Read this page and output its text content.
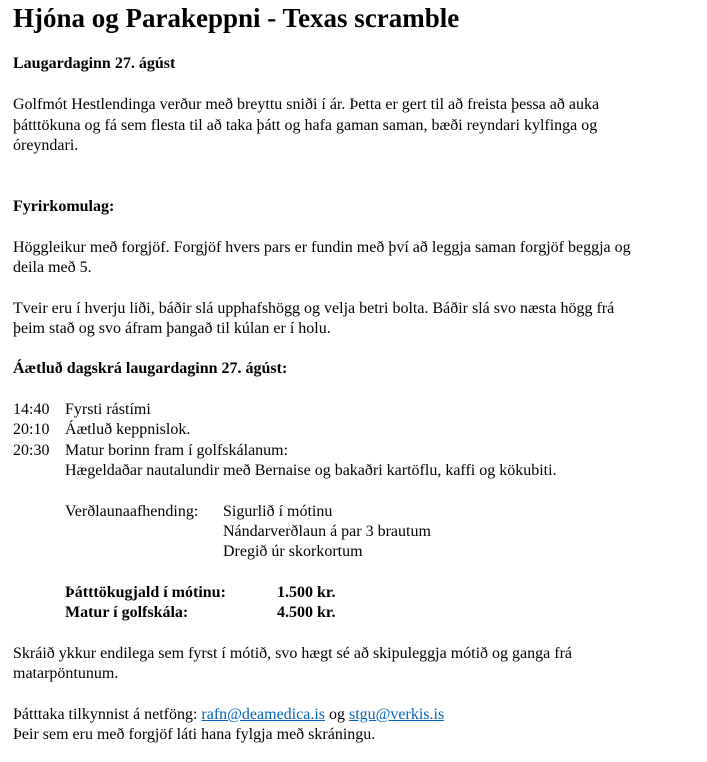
Hjóna og Parakeppni - Texas scramble
Laugardaginn 27. ágúst
Golfmót Hestlendinga verður með breyttu sniði í ár. Þetta er gert til að freista þessa að auka
þátttökuna og fá sem flesta til að taka þátt og hafa gaman saman, bæði reyndari kylfinga og
óreyndari.
Fyrirkomulag:
Höggleikur með forgjöf. Forgjöf hvers pars er fundin með því að leggja saman forgjöf beggja og
deila með 5.
Tveir eru í hverju liði, báðir slá upphafshögg og velja betri bolta. Báðir slá svo næsta högg frá
þeim stað og svo áfram þangað til kúlan er í holu.
Áætluð dagskrá laugardaginn 27. ágúst:
14:40 Fyrsti rástími
20:10 Áætluð keppnislok.
20:30 Matur borinn fram í golfskálanum:
Hægeldaðar nautalundir með Bernaise og bakaðri kartöflu, kaffi og kökubiti.
Verðlaunaafhending: Sigurlið í mótinu
Nándarverðlaun á par 3 brautum
Dregið úr skorkortum
Þátttökugjald í mótinu:	1.500 kr.
Matur í golfskála:	4.500 kr.
Skráið ykkur endilega sem fyrst í mótið, svo hægt sé að skipuleggja mótið og ganga frá
matarpöntunum.
Þátttaka tilkynnist á netföng: rafn@deamedica.is og stgu@verkis.is
Þeir sem eru með forgjöf láti hana fylgja með skráningu.
